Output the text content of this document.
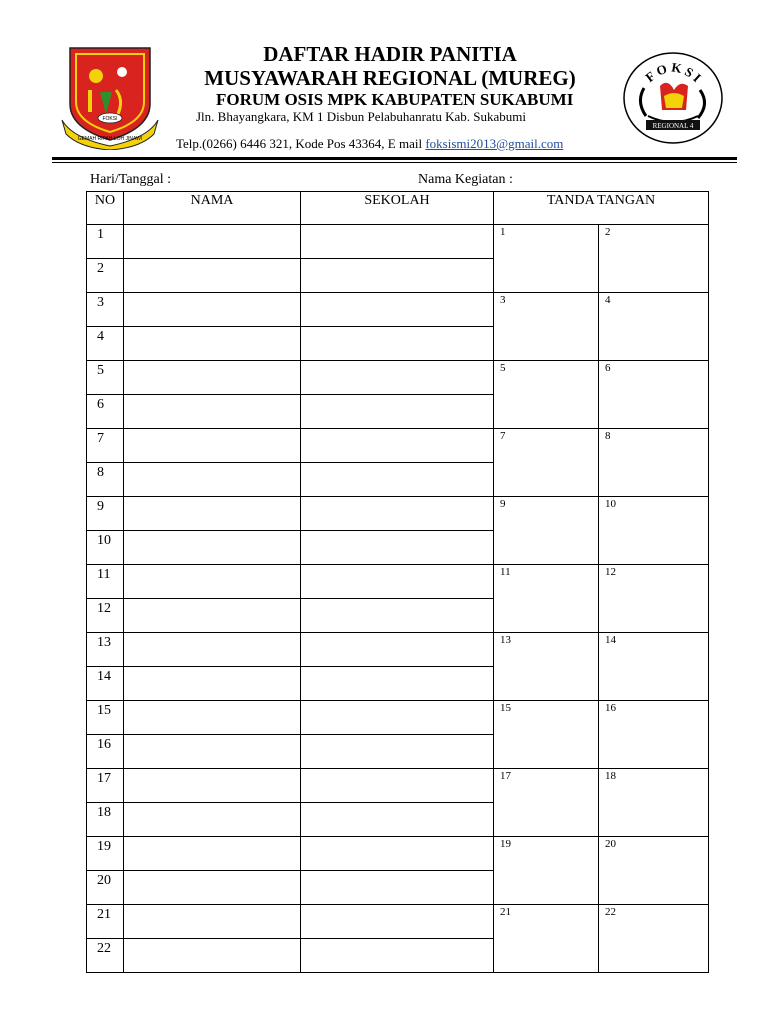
FOKSI
GEMAH RIPAH LOH JINAWI
DAFTAR HADIR PANITIA
MUSYAWARAH REGIONAL (MUREG)
FORUM OSIS MPK KABUPATEN SUKABUMI
Jln. Bhayangkara, KM 1 Disbun Pelabuhanratu Kab. Sukabumi
Telp.(0266) 6446 321, Kode Pos 43364, E mail foksismi2013@gmail.com
FOKSI
REGIONAL 4
Hari/Tanggal :	Nama Kegiatan :
NO	NAMA	SEKOLAH	TANDA TANGAN	
1			1	2
2				
3			3	4
4				
5			5	6
6				
7			7	8
8				
9			9	10
10				
11			11	12
12				
13			13	14
14				
15			15	16
16				
17			17	18
18				
19			19	20
20				
21			21	22
22				
